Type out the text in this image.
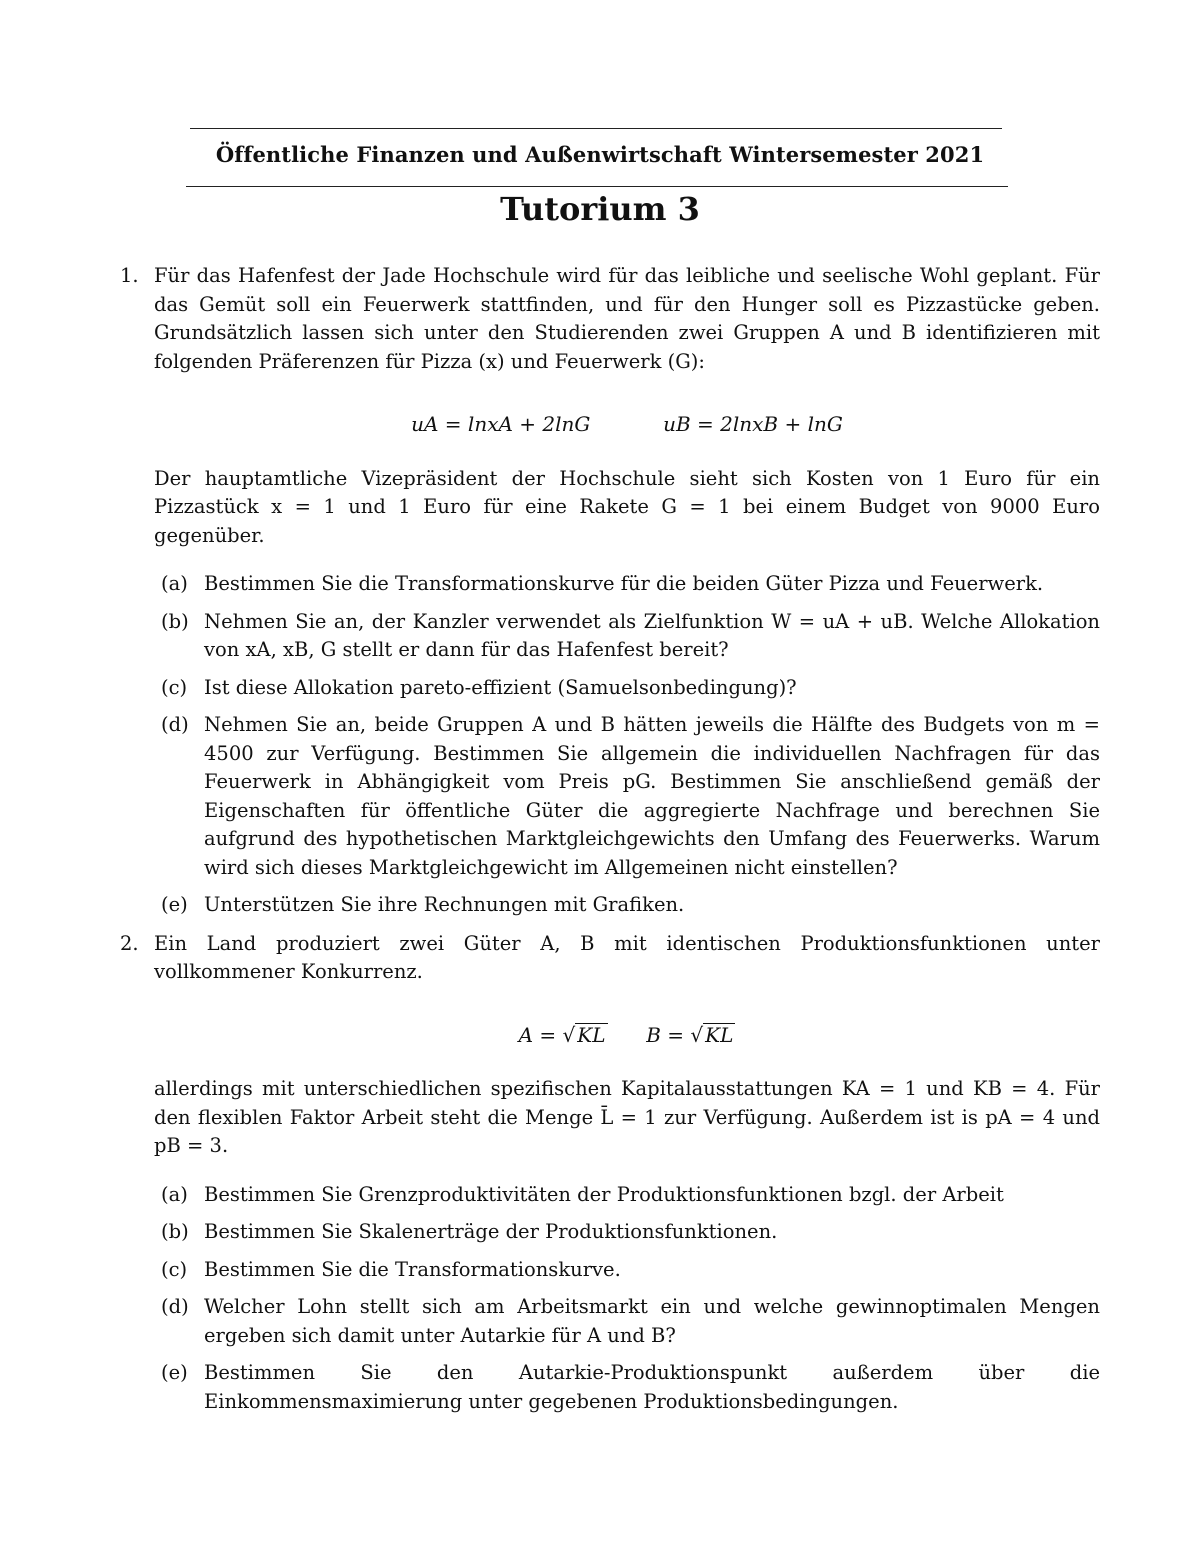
Öffentliche Finanzen und Außenwirtschaft Wintersemester 2021
Tutorium 3
1. Für das Hafenfest der Jade Hochschule wird für das leibliche und seelische Wohl geplant. Für das Gemüt soll ein Feuerwerk stattfinden, und für den Hunger soll es Pizzastücke geben. Grundsätzlich lassen sich unter den Studierenden zwei Gruppen A und B identifizieren mit folgenden Präferenzen für Pizza (x) und Feuerwerk (G):

uA = lnxA + 2lnG	uB = 2lnxB + lnG

Der hauptamtliche Vizepräsident der Hochschule sieht sich Kosten von 1 Euro für ein Pizzastück x = 1 und 1 Euro für eine Rakete G = 1 bei einem Budget von 9000 Euro gegenüber.

(a) Bestimmen Sie die Transformationskurve für die beiden Güter Pizza und Feuerwerk.
(b) Nehmen Sie an, der Kanzler verwendet als Zielfunktion W = uA + uB. Welche Allokation von xA, xB, G stellt er dann für das Hafenfest bereit?
(c) Ist diese Allokation pareto-effizient (Samuelsonbedingung)?
(d) Nehmen Sie an, beide Gruppen A und B hätten jeweils die Hälfte des Budgets von m = 4500 zur Verfügung. Bestimmen Sie allgemein die individuellen Nachfragen für das Feuerwerk in Abhängigkeit vom Preis pG. Bestimmen Sie anschließend gemäß der Eigenschaften für öffentliche Güter die aggregierte Nachfrage und berechnen Sie aufgrund des hypothetischen Marktgleichgewichts den Umfang des Feuerwerks. Warum wird sich dieses Marktgleichgewicht im Allgemeinen nicht einstellen?
(e) Unterstützen Sie ihre Rechnungen mit Grafiken.
2. Ein Land produziert zwei Güter A, B mit identischen Produktionsfunktionen unter vollkommener Konkurrenz.

A = √ KL B = √ KL

allerdings mit unterschiedlichen spezifischen Kapitalausstattungen KA = 1 und KB = 4. Für den flexiblen Faktor Arbeit steht die Menge L̄ = 1 zur Verfügung. Außerdem ist is pA = 4 und pB = 3.

(a) Bestimmen Sie Grenzproduktivitäten der Produktionsfunktionen bzgl. der Arbeit
(b) Bestimmen Sie Skalenerträge der Produktionsfunktionen.
(c) Bestimmen Sie die Transformationskurve.
(d) Welcher Lohn stellt sich am Arbeitsmarkt ein und welche gewinnoptimalen Mengen ergeben sich damit unter Autarkie für A und B?
(e) Bestimmen Sie den Autarkie-Produktionspunkt außerdem über die Einkommensmaximierung unter gegebenen Produktionsbedingungen.
